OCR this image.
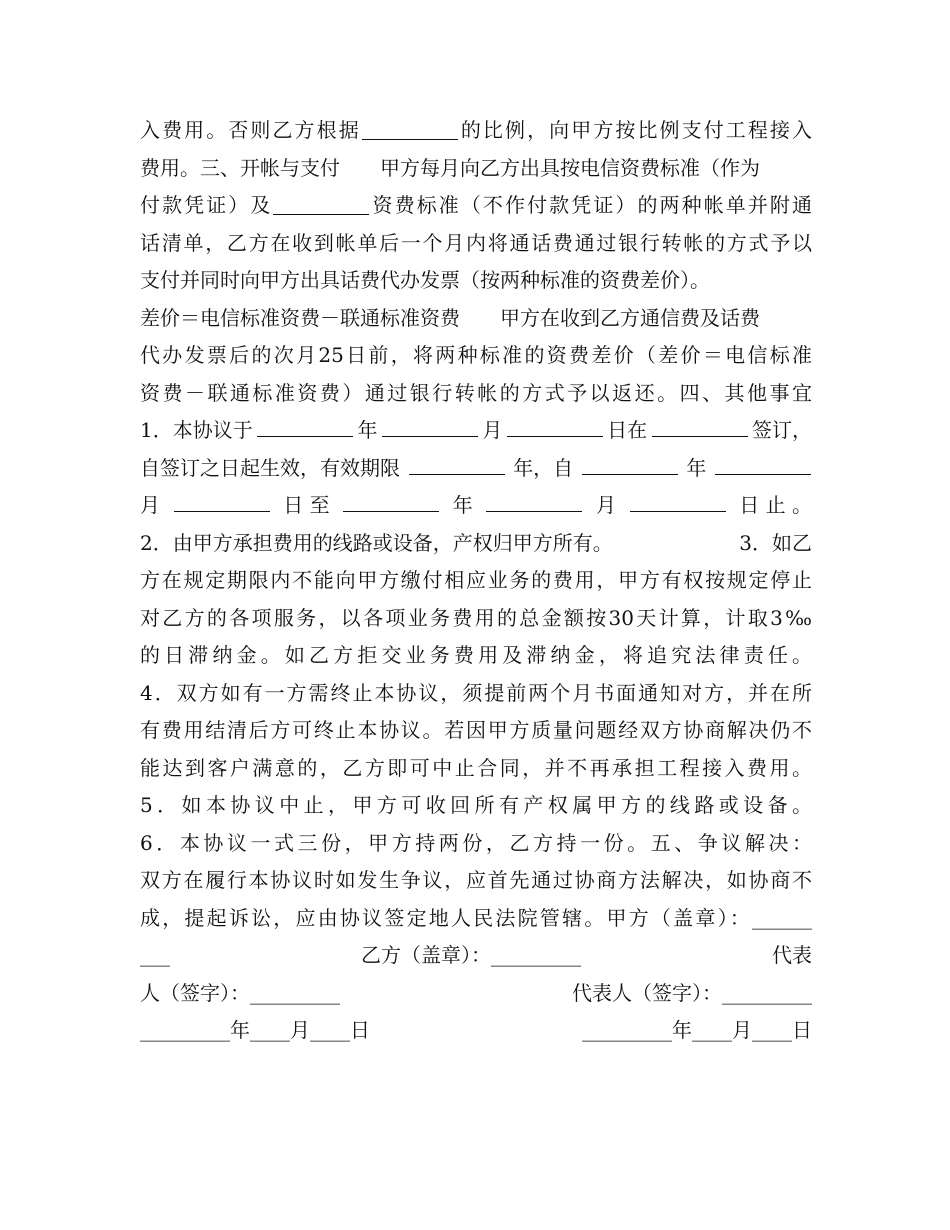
入费用。否则乙方根据	的比例，向甲方按比例支付工程接入
费用。三、开帐与支付 甲方每月向乙方出具按电信资费标准（作为
付款凭证）及	资费标准（不作付款凭证）的两种帐单并附通
话清单，乙方在收到帐单后一个月内将通话费通过银行转帐的方式予以
支付并同时向甲方出具话费代办发票（按两种标准的资费差价）。
差价＝电信标准资费－联通标准资费 甲方在收到乙方通信费及话费
代办发票后的次月25日前，将两种标准的资费差价（差价＝电信标准
资费－联通标准资费）通过银行转帐的方式予以返还。四、其他事宜
1．本协议于	年	月	日在	签订，
自签订之日起生效，有效期限	年，自	年
月	日 至	年	月	日 止 。
2．由甲方承担费用的线路或设备，产权归甲方所有。	3．如乙
方在规定期限内不能向甲方缴付相应业务的费用，甲方有权按规定停止
对乙方的各项服务，以各项业务费用的总金额按30天计算，计取3‰
的日滞纳金。如乙方拒交业务费用及滞纳金，将追究法律责任。
4．双方如有一方需终止本协议，须提前两个月书面通知对方，并在所
有费用结清后方可终止本协议。若因甲方质量问题经双方协商解决仍不
能达到客户满意的，乙方即可中止合同，并不再承担工程接入费用。
5．如本协议中止，甲方可收回所有产权属甲方的线路或设备。
6．本协议一式三份，甲方持两份，乙方持一份。五、争议解决：
双方在履行本协议时如发生争议，应首先通过协商方法解决，如协商不
成，提起诉讼，应由协议签定地人民法院管辖。甲方（盖章）：______
___	乙方（盖章）：_________	代表
人（签字）：_________	代表人（签字）：_________
_________年____月____日	_________年____月____日
